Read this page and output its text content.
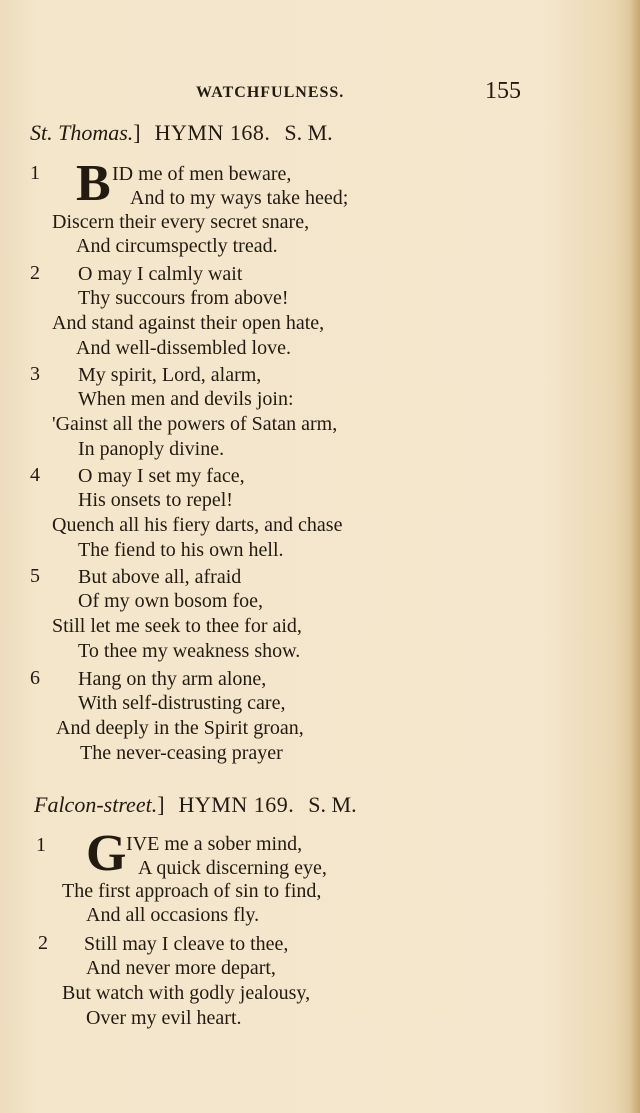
WATCHFULNESS.	155
St. Thomas.] HYMN 168. S. M.
1 B ID me of men beware,
And to my ways take heed;
Discern their every secret snare,
And circumspectly tread.
2 O may I calmly wait
Thy succours from above!
And stand against their open hate,
And well-dissembled love.
3 My spirit, Lord, alarm,
When men and devils join:
'Gainst all the powers of Satan arm,
In panoply divine.
4 O may I set my face,
His onsets to repel!
Quench all his fiery darts, and chase
The fiend to his own hell.
5 But above all, afraid
Of my own bosom foe,
Still let me seek to thee for aid,
To thee my weakness show.
6 Hang on thy arm alone,
With self-distrusting care,
And deeply in the Spirit groan,
The never-ceasing prayer
Falcon-street.] HYMN 169. S. M.
1 G IVE me a sober mind,
A quick discerning eye,
The first approach of sin to find,
And all occasions fly.
2 Still may I cleave to thee,
And never more depart,
But watch with godly jealousy,
Over my evil heart.
